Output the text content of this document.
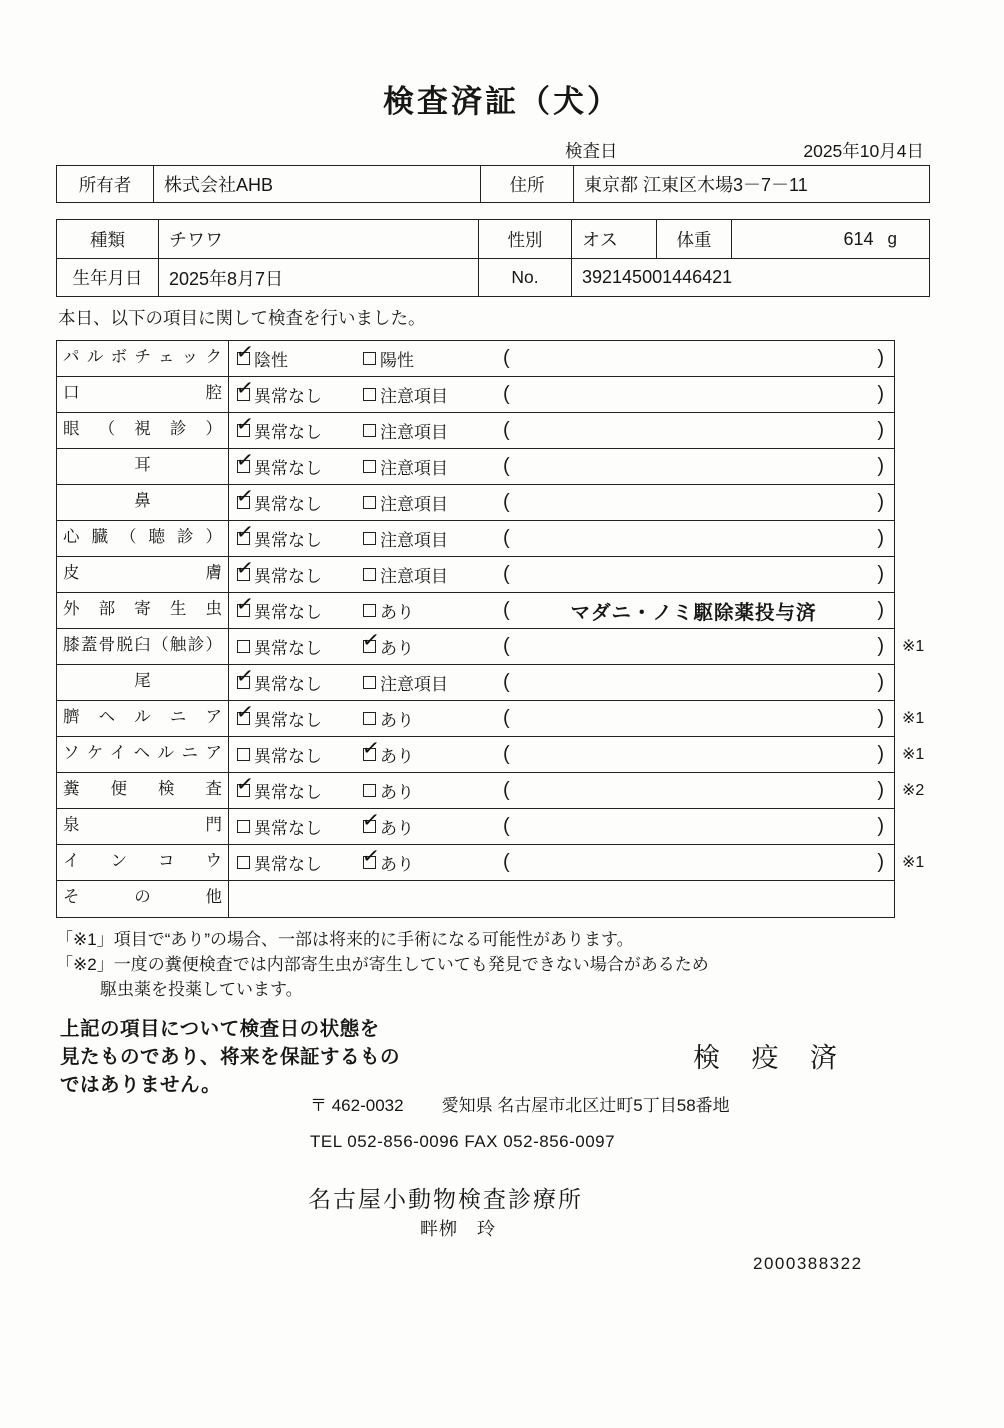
検査済証（犬）
検査日	2025年10月4日
所有者	株式会社AHB	住所	東京都 江東区木場3－7－11
種類	チワワ	性別	オス	体重	614 g
生年月日	2025年8月7日	No.	392145001446421
本日、以下の項目に関して検査を行いました。
パルボチェック ✓ 陰性	陽性	(	)
口腔 ✓ 異常なし	注意項目	(	)
眼（視診） ✓ 異常なし	注意項目	(	)
耳	✓ 異常なし	注意項目	(	)
鼻	✓ 異常なし	注意項目	(	)
心臓（聴診） ✓ 異常なし	注意項目	(	)
皮膚 ✓ 異常なし	注意項目	(	)
外部寄生虫 ✓ 異常なし	あり	(	マダニ・ノミ駆除薬投与済	)
膝蓋骨脱臼（触診）	異常なし ✓ あり	(	) ※1
尾	✓ 異常なし	注意項目	(	)
臍ヘルニア ✓ 異常なし	あり	(	) ※1
ソケイヘルニア	異常なし ✓ あり	(	) ※1
糞便検査 ✓ 異常なし	あり	(	) ※2
泉門	異常なし ✓ あり	(	)
インコウ	異常なし ✓ あり	(	) ※1
その他
「※1」項目で“あり”の場合、一部は将来的に手術になる可能性があります。
「※2」一度の糞便検査では内部寄生虫が寄生していても発見できない場合があるため
駆虫薬を投薬しています。
上記の項目について検査日の状態を
見たものであり、将来を保証するもの
ではありません。
検 疫 済
〒 462-0032 愛知県 名古屋市北区辻町5丁目58番地
TEL 052-856-0096 FAX 052-856-0097
名古屋小動物検査診療所
畔栁　玲
2000388322
